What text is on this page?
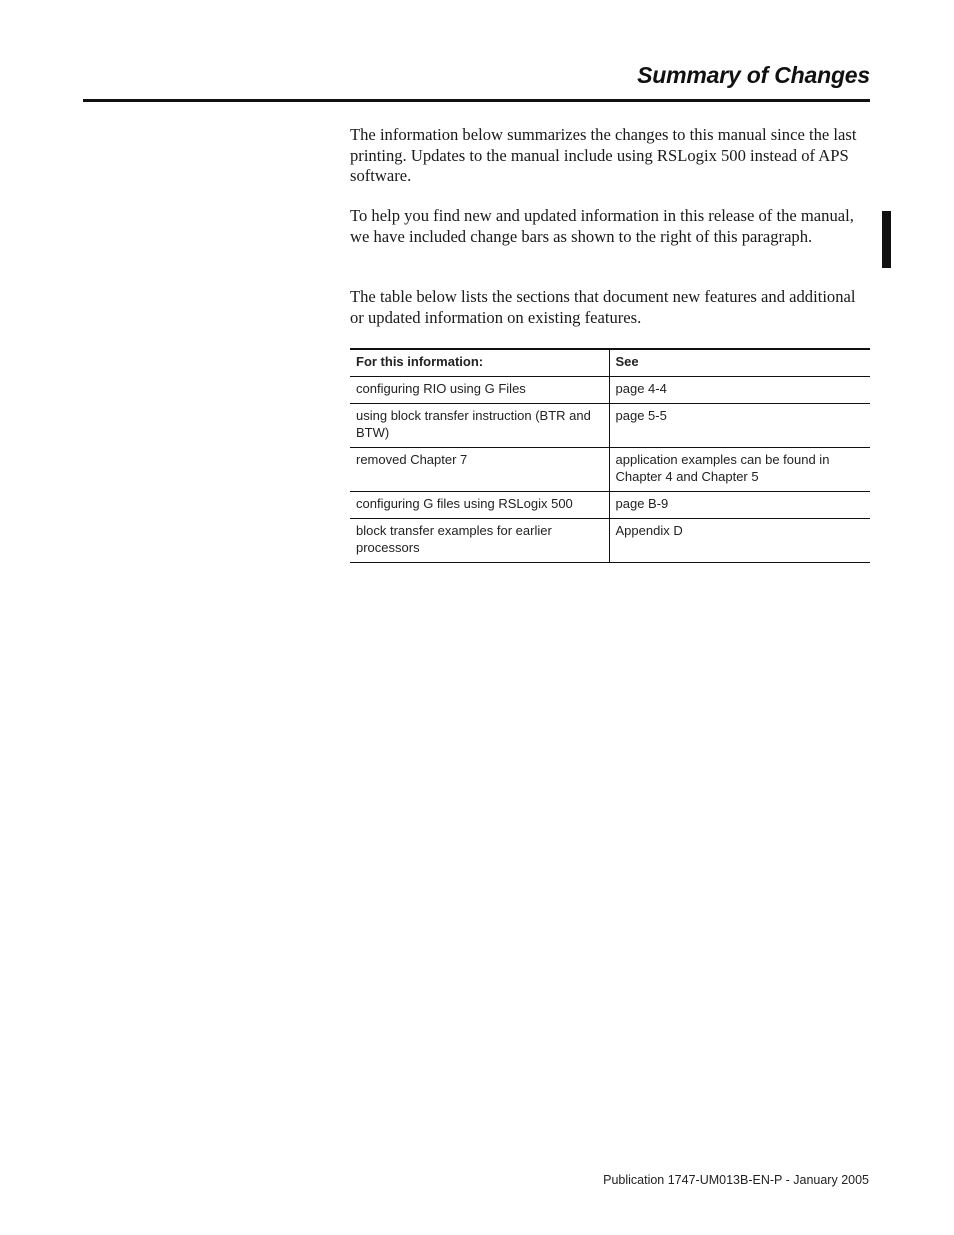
Summary of Changes

The information below summarizes the changes to this manual since the last printing. Updates to the manual include using RSLogix 500 instead of APS software.

To help you find new and updated information in this release of the manual, we have included change bars as shown to the right of this paragraph.

The table below lists the sections that document new features and additional or updated information on existing features.

For this information:	See
configuring RIO using G Files	page 4-4
using block transfer instruction (BTR and BTW)	page 5-5
removed Chapter 7	application examples can be found in Chapter 4 and Chapter 5
configuring G files using RSLogix 500	page B-9
block transfer examples for earlier processors	Appendix D

Publication 1747-UM013B-EN-P - January 2005
